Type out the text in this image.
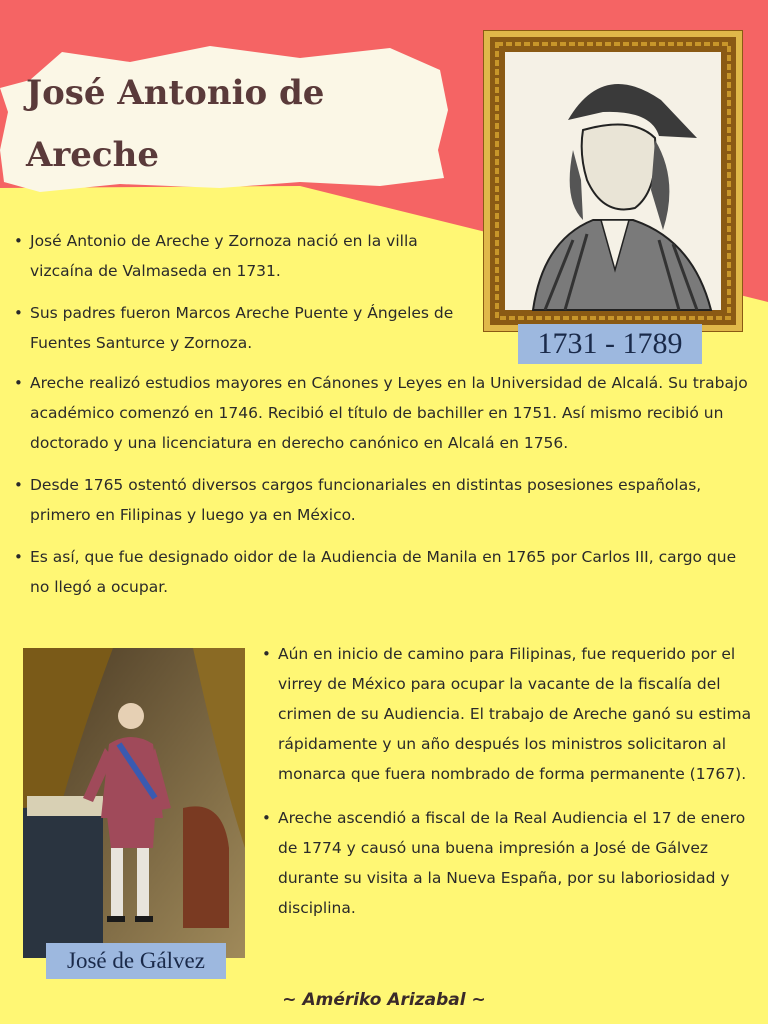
José Antonio de Areche
1731 - 1789
• José Antonio de Areche y Zornoza nació en la villa vizcaína de Valmaseda en 1731.
• Sus padres fueron Marcos Areche Puente y Ángeles de Fuentes Santurce y Zornoza.
• Areche realizó estudios mayores en Cánones y Leyes en la Universidad de Alcalá. Su trabajo académico comenzó en 1746. Recibió el título de bachiller en 1751. Así mismo recibió un doctorado y una licenciatura en derecho canónico en Alcalá en 1756.
• Desde 1765 ostentó diversos cargos funcionariales en distintas posesiones españolas, primero en Filipinas y luego ya en México.
• Es así, que fue designado oidor de la Audiencia de Manila en 1765 por Carlos III, cargo que no llegó a ocupar.
José de Gálvez
• Aún en inicio de camino para Filipinas, fue requerido por el virrey de México para ocupar la vacante de la fiscalía del crimen de su Audiencia. El trabajo de Areche ganó su estima rápidamente y un año después los ministros solicitaron al monarca que fuera nombrado de forma permanente (1767).
• Areche ascendió a fiscal de la Real Audiencia el 17 de enero de 1774 y causó una buena impresión a José de Gálvez durante su visita a la Nueva España, por su laboriosidad y disciplina.
~ Amériko Arizabal ~
